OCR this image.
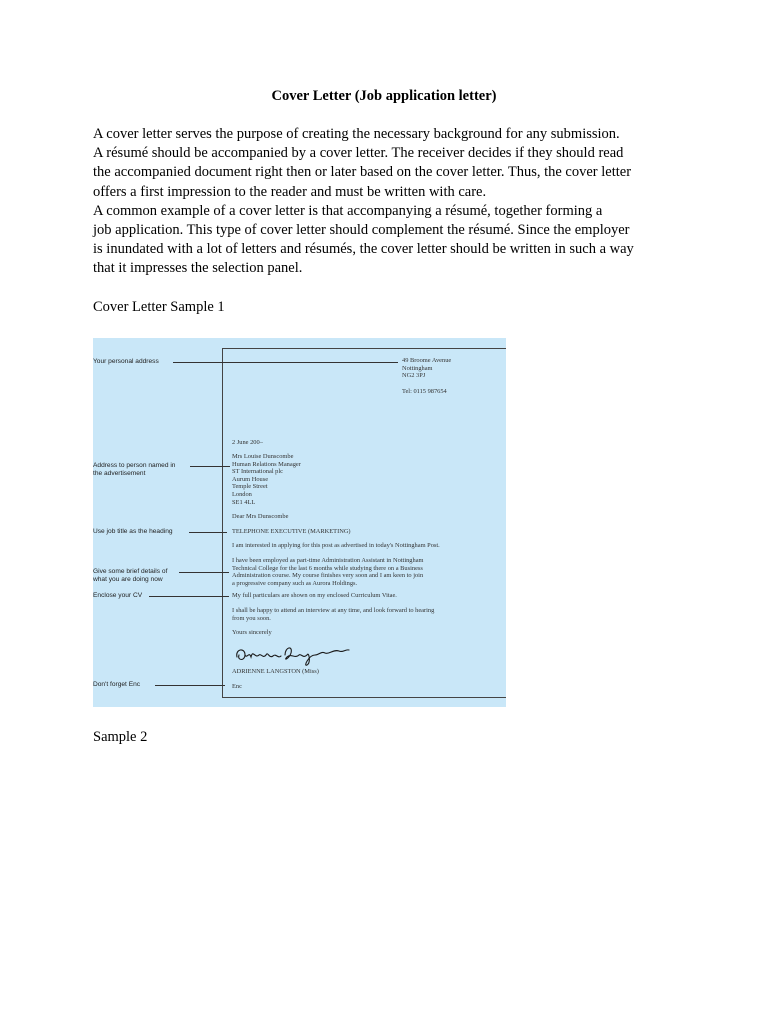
Cover Letter (Job application letter)
A cover letter serves the purpose of creating the necessary background for any submission.
A résumé should be accompanied by a cover letter. The receiver decides if they should read
the accompanied document right then or later based on the cover letter. Thus, the cover letter
offers a first impression to the reader and must be written with care.
A common example of a cover letter is that accompanying a résumé, together forming a
job application. This type of cover letter should complement the résumé. Since the employer
is inundated with a lot of letters and résumés, the cover letter should be written in such a way
that it impresses the selection panel.
Cover Letter Sample 1
Your personal address
Address to person named in
the advertisement
Use job title as the heading
Give some brief details of
what you are doing now
Enclose your CV
Don't forget Enc
49 Broome Avenue
Nottingham
NG2 3PJ
Tel: 0115 987654
2 June 200–
Mrs Louise Dunscombe
Human Relations Manager
ST International plc
Aurum House
Temple Street
London
SE1 4LL
Dear Mrs Dunscombe
TELEPHONE EXECUTIVE (MARKETING)
I am interested in applying for this post as advertised in today's Nottingham Post.
I have been employed as part-time Administration Assistant in Nottingham
Technical College for the last 6 months while studying there on a Business
Administration course. My course finishes very soon and I am keen to join
a progressive company such as Aurora Holdings.
My full particulars are shown on my enclosed Curriculum Vitae.
I shall be happy to attend an interview at any time, and look forward to hearing
from you soon.
Yours sincerely
ADRIENNE LANGSTON (Miss)
Enc
Sample 2
